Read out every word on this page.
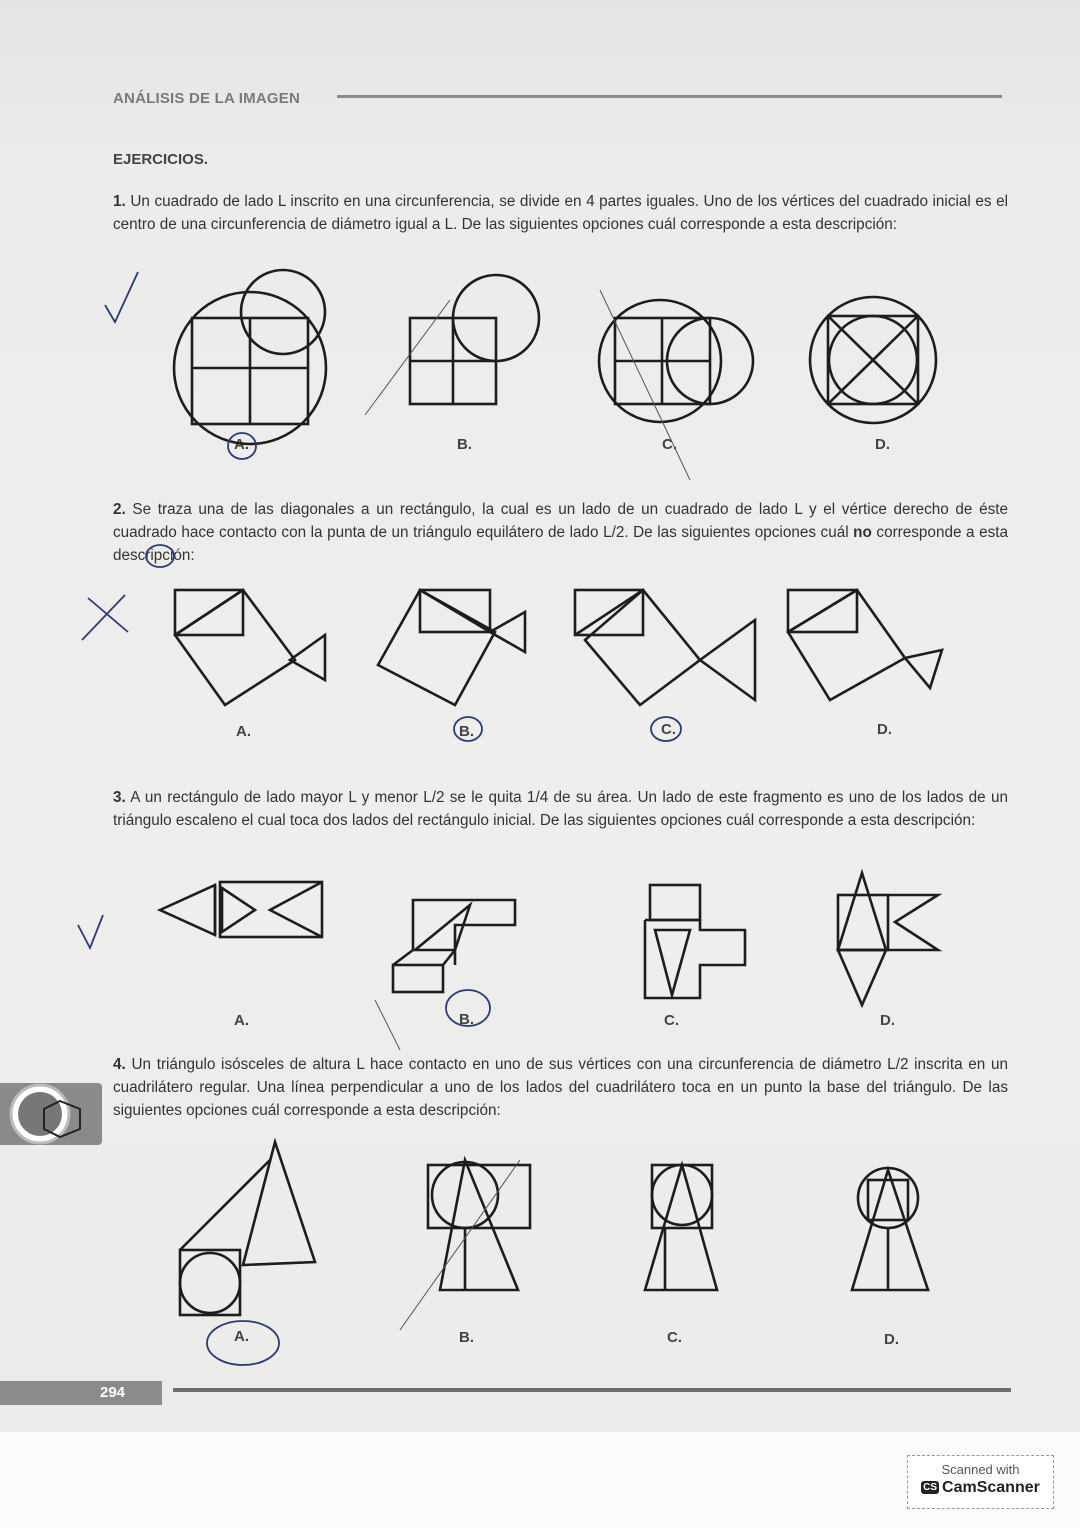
ANÁLISIS DE LA IMAGEN
EJERCICIOS.
1. Un cuadrado de lado L inscrito en una circunferencia, se divide en 4 partes iguales. Uno de los vértices del cuadrado inicial es el centro de una circunferencia de diámetro igual a L. De las siguientes opciones cuál corresponde a esta descripción:
2. Se traza una de las diagonales a un rectángulo, la cual es un lado de un cuadrado de lado L y el vértice derecho de éste cuadrado hace contacto con la punta de un triángulo equilátero de lado L/2. De las siguientes opciones cuál no corresponde a esta descripción:
3. A un rectángulo de lado mayor L y menor L/2 se le quita 1/4 de su área. Un lado de este fragmento es uno de los lados de un triángulo escaleno el cual toca dos lados del rectángulo inicial. De las siguientes opciones cuál corresponde a esta descripción:
4. Un triángulo isósceles de altura L hace contacto en uno de sus vértices con una circunferencia de diámetro L/2 inscrita en un cuadrilátero regular. Una línea perpendicular a uno de los lados del cuadrilátero toca en un punto la base del triángulo. De las siguientes opciones cuál corresponde a esta descripción:
A.	B.	C.	D.
A.	B.	C.	D.
A.	B.	C.	D.
A.	B.	C.	D.
294
Scanned with
CS CamScanner
